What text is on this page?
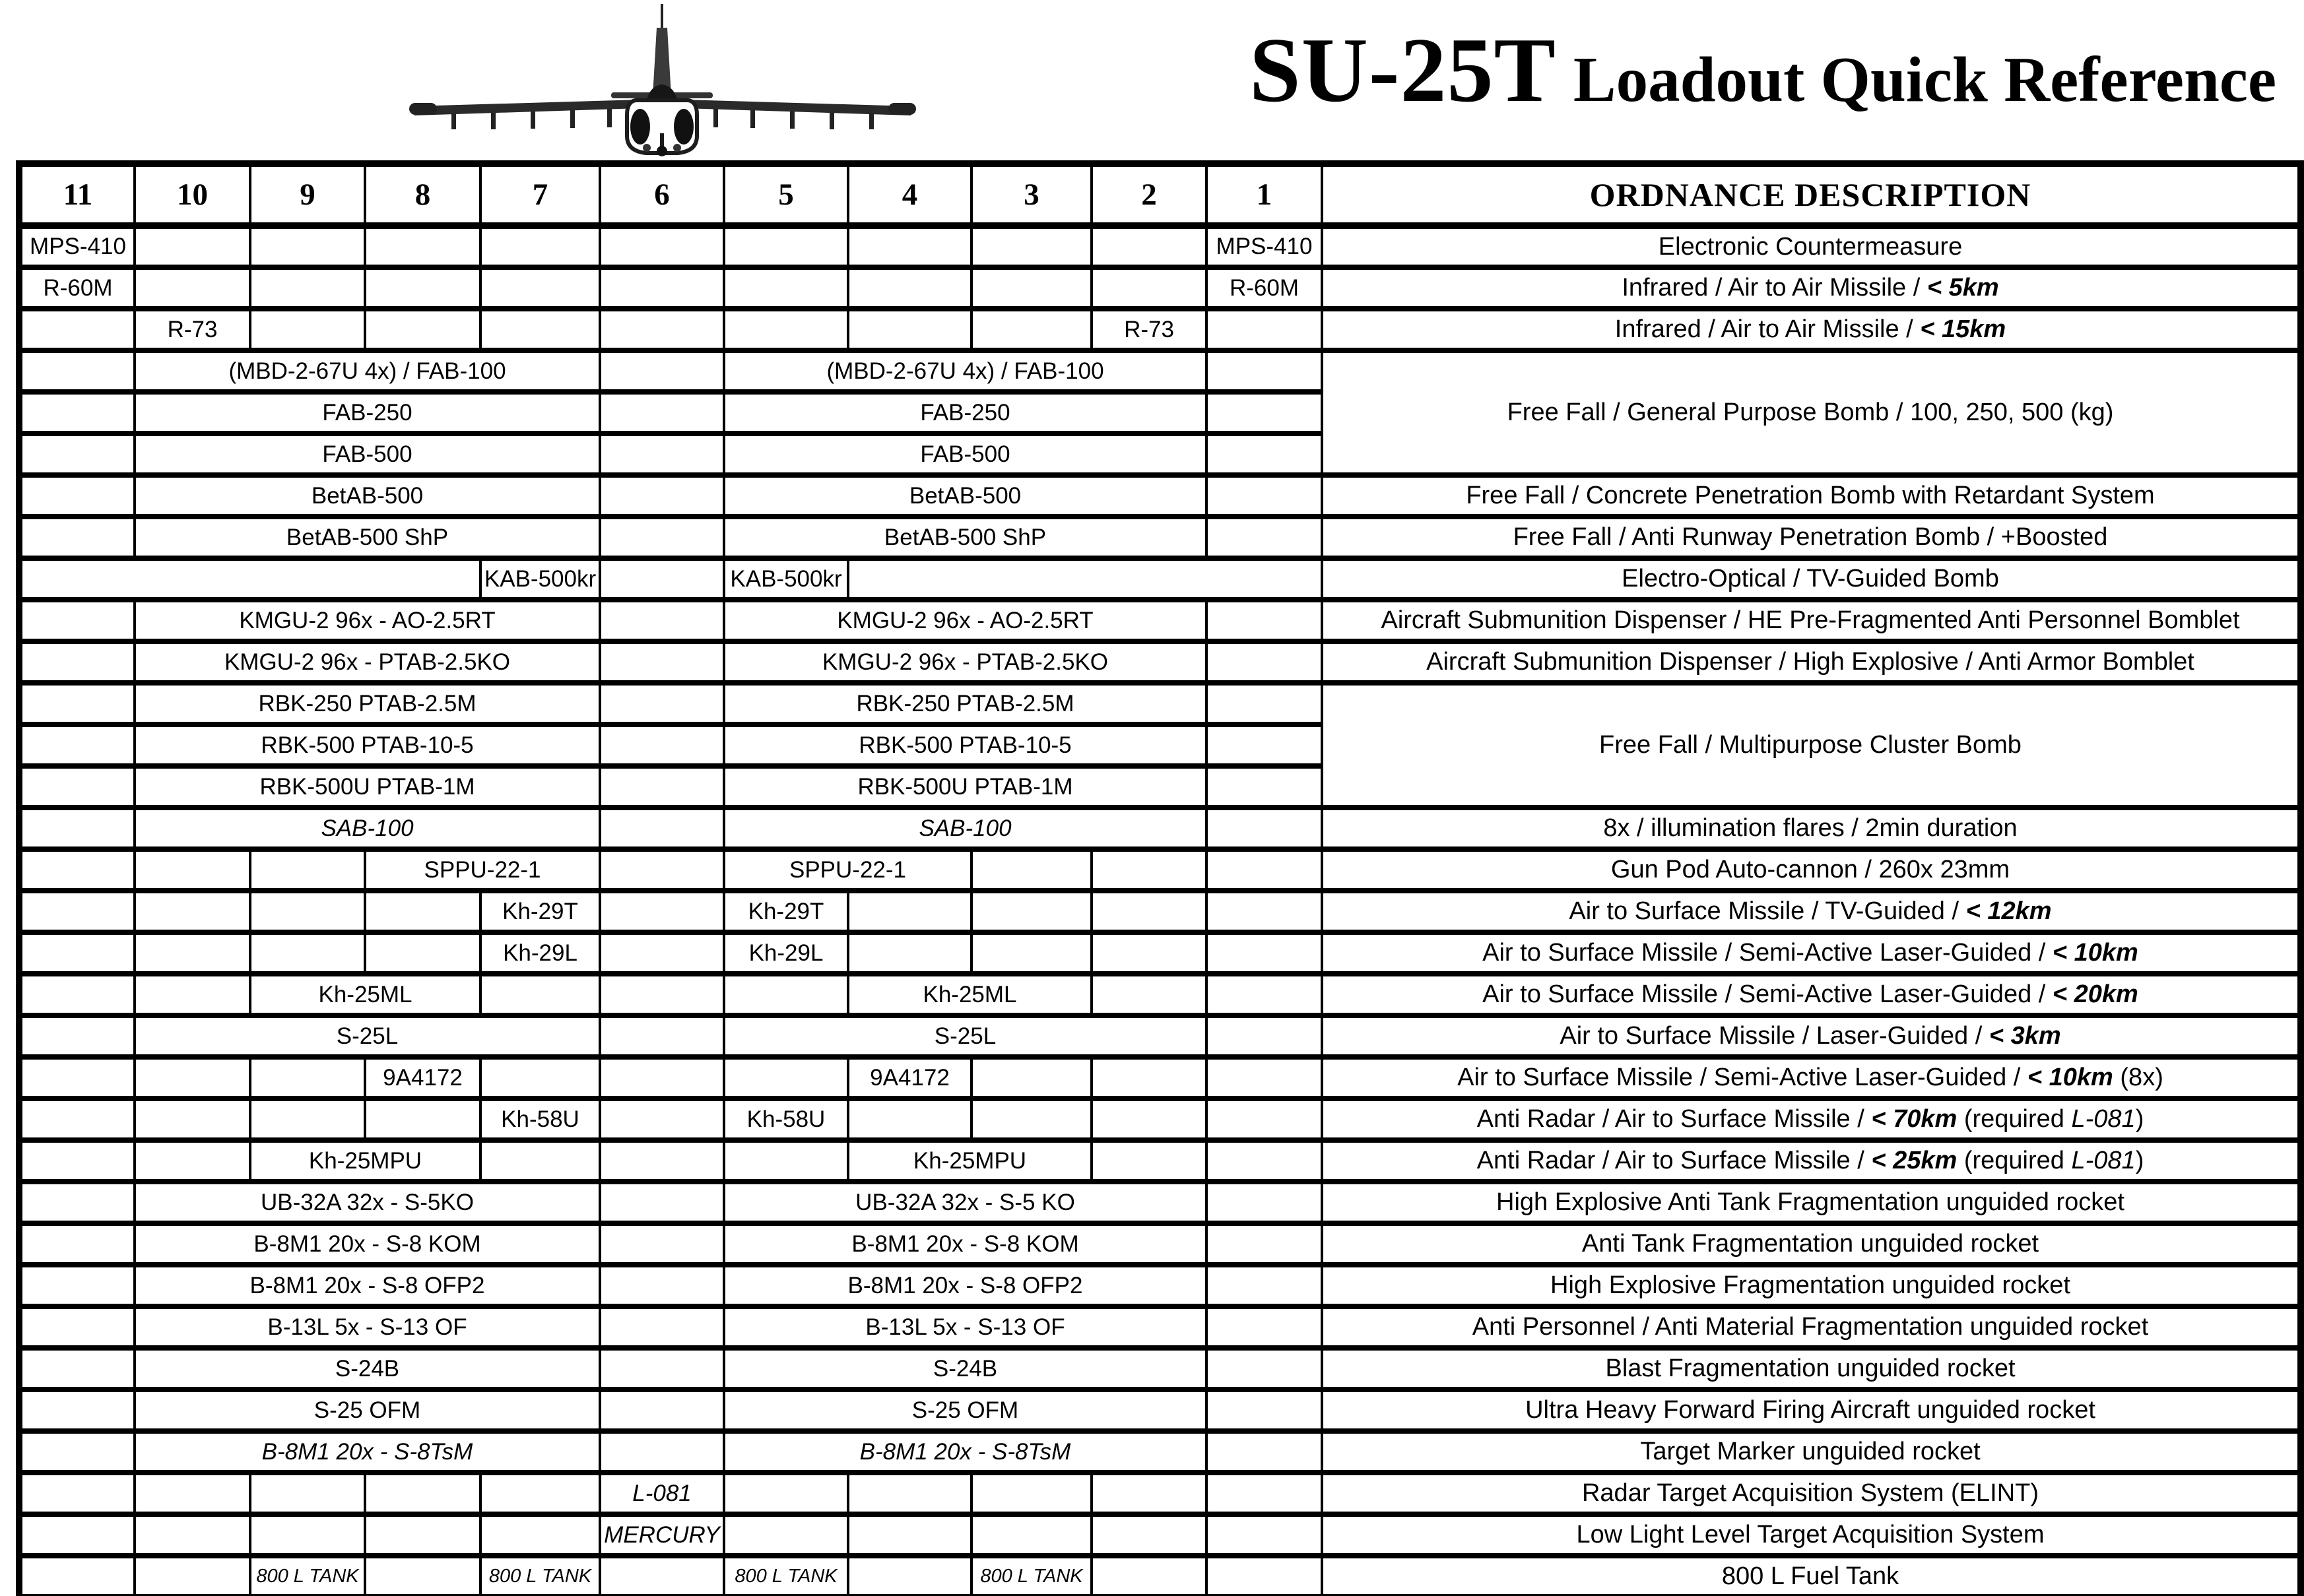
SU-25T Loadout Quick Reference
11	10	9	8	7	6	5	4	3	2	1	ORDNANCE DESCRIPTION
MPS-410										MPS-410	Electronic Countermeasure
R-60M										R-60M	Infrared / Air to Air Missile / < 5km
	R-73								R-73		Infrared / Air to Air Missile / < 15km
	(MBD-2-67U 4x) / FAB-100					(MBD-2-67U 4x) / FAB-100					Free Fall / General Purpose Bomb / 100, 250, 500 (kg)
	FAB-250					FAB-250					
	FAB-500					FAB-500					
	BetAB-500					BetAB-500					Free Fall / Concrete Penetration Bomb with Retardant System
	BetAB-500 ShP					BetAB-500 ShP					Free Fall / Anti Runway Penetration Bomb / +Boosted
				KAB-500kr		KAB-500kr					Electro-Optical / TV-Guided Bomb
	KMGU-2 96x - AO-2.5RT					KMGU-2 96x - AO-2.5RT					Aircraft Submunition Dispenser / HE Pre-Fragmented Anti Personnel Bomblet
	KMGU-2 96x - PTAB-2.5KO					KMGU-2 96x - PTAB-2.5KO					Aircraft Submunition Dispenser / High Explosive / Anti Armor Bomblet
	RBK-250 PTAB-2.5M					RBK-250 PTAB-2.5M					Free Fall / Multipurpose Cluster Bomb
	RBK-500 PTAB-10-5					RBK-500 PTAB-10-5					
	RBK-500U PTAB-1M					RBK-500U PTAB-1M					
	SAB-100					SAB-100					8x / illumination flares / 2min duration
			SPPU-22-1			SPPU-22-1					Gun Pod Auto-cannon / 260x 23mm
				Kh-29T		Kh-29T					Air to Surface Missile / TV-Guided / < 12km
				Kh-29L		Kh-29L					Air to Surface Missile / Semi-Active Laser-Guided / < 10km
		Kh-25ML					Kh-25ML				Air to Surface Missile / Semi-Active Laser-Guided / < 20km
	S-25L					S-25L					Air to Surface Missile / Laser-Guided / < 3km
			9A4172				9A4172				Air to Surface Missile / Semi-Active Laser-Guided / < 10km (8x)
				Kh-58U		Kh-58U					Anti Radar / Air to Surface Missile / < 70km (required L-081)
		Kh-25MPU					Kh-25MPU				Anti Radar / Air to Surface Missile / < 25km (required L-081)
	UB-32A 32x - S-5KO					UB-32A 32x - S-5 KO					High Explosive Anti Tank Fragmentation unguided rocket
	B-8M1 20x - S-8 KOM					B-8M1 20x - S-8 KOM					Anti Tank Fragmentation unguided rocket
	B-8M1 20x - S-8 OFP2					B-8M1 20x - S-8 OFP2					High Explosive Fragmentation unguided rocket
	B-13L 5x - S-13 OF					B-13L 5x - S-13 OF					Anti Personnel / Anti Material Fragmentation unguided rocket
	S-24B					S-24B					Blast Fragmentation unguided rocket
	S-25 OFM					S-25 OFM					Ultra Heavy Forward Firing Aircraft unguided rocket
	B-8M1 20x - S-8TsM					B-8M1 20x - S-8TsM					Target Marker unguided rocket
					L-081						Radar Target Acquisition System (ELINT)
					MERCURY						Low Light Level Target Acquisition System
		800 L TANK		800 L TANK		800 L TANK		800 L TANK			800 L Fuel Tank
